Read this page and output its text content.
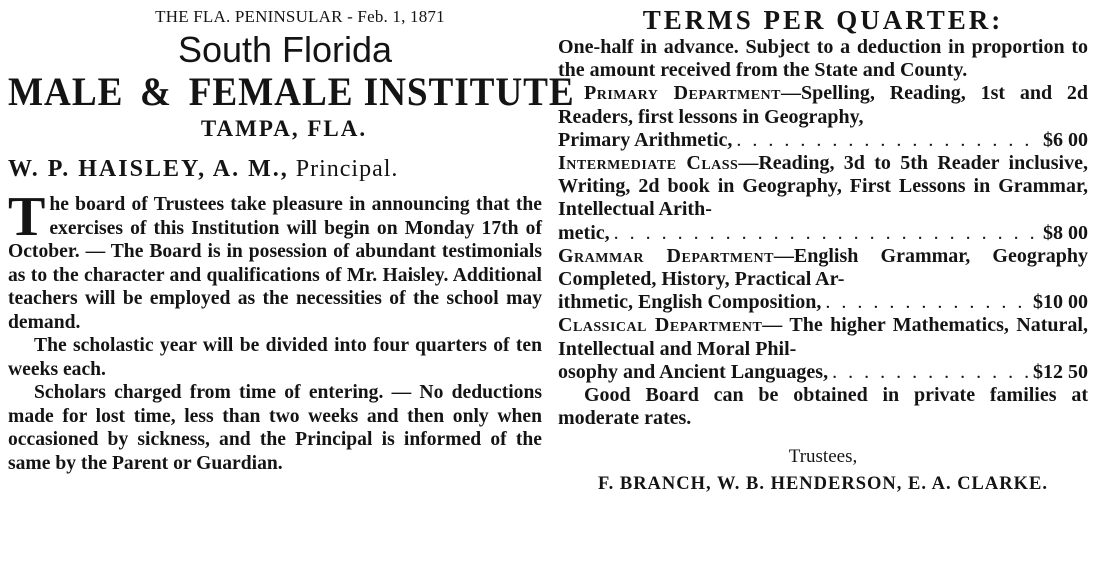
THE FLA. PENINSULAR - Feb. 1, 1871
South Florida
MALE & FEMALE INSTITUTE
TAMPA, FLA.
W. P. HAISLEY, A. M., Principal.

The board of Trustees take pleasure in announcing that the exercises of this Institution will begin on Monday 17th of October. — The Board is in posession of abundant testimonials as to the character and qualifications of Mr. Haisley. Additional teachers will be employed as the necessities of the school may demand.

The scholastic year will be divided into four quarters of ten weeks each.

Scholars charged from time of entering. — No deductions made for lost time, less than two weeks and then only when occasioned by sickness, and the Principal is informed of the same by the Parent or Guardian.

TERMS PER QUARTER:

One-half in advance. Subject to a deduction in proportion to the amount received from the State and County.

Primary Department—Spelling, Reading, 1st and 2d Readers, first lessons in Geography,
Primary Arithmetic, . . .	$6 00
Intermediate Class—Reading, 3d to 5th Reader inclusive, Writing, 2d book in Geography, First Lessons in Grammar, Intellectual Arith-
metic, . . .	$8 00
Grammar Department—English Grammar, Geography Completed, History, Practical Ar-
ithmetic, English Composition, . . .	$10 00
Classical Department— The higher Mathematics, Natural, Intellectual and Moral Phil-
osophy and Ancient Languages, . . .	$12 50

Good Board can be obtained in private families at moderate rates.

Trustees,
F. BRANCH, W. B. HENDERSON, E. A. CLARKE.
